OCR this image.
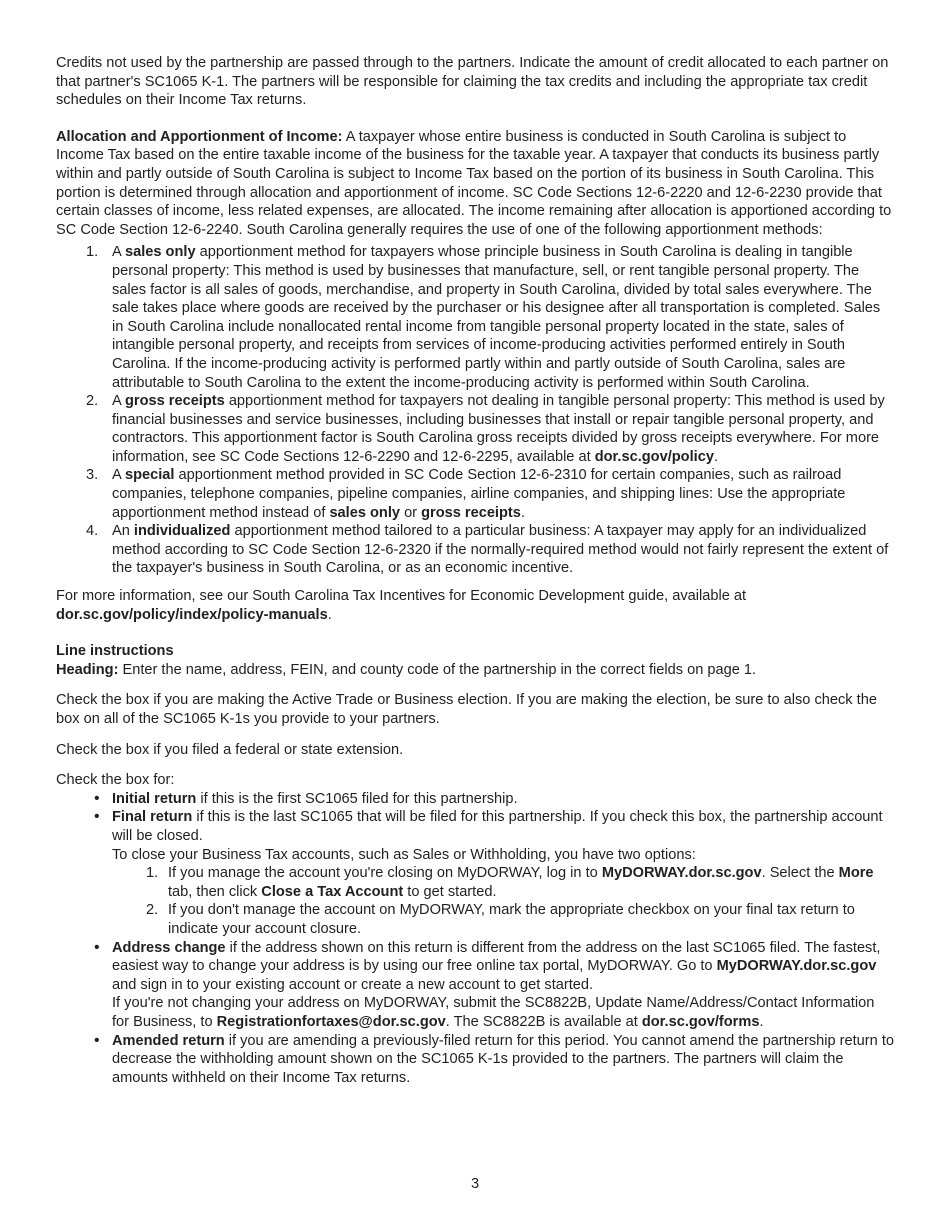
Credits not used by the partnership are passed through to the partners. Indicate the amount of credit allocated to each partner on that partner's SC1065 K-1. The partners will be responsible for claiming the tax credits and including the appropriate tax credit schedules on their Income Tax returns.

Allocation and Apportionment of Income: A taxpayer whose entire business is conducted in South Carolina is subject to Income Tax based on the entire taxable income of the business for the taxable year. A taxpayer that conducts its business partly within and partly outside of South Carolina is subject to Income Tax based on the portion of its business in South Carolina. This portion is determined through allocation and apportionment of income. SC Code Sections 12-6-2220 and 12-6-2230 provide that certain classes of income, less related expenses, are allocated. The income remaining after allocation is apportioned according to SC Code Section 12-6-2240. South Carolina generally requires the use of one of the following apportionment methods:

A sales only apportionment method for taxpayers whose principle business in South Carolina is dealing in tangible personal property: This method is used by businesses that manufacture, sell, or rent tangible personal property. The sales factor is all sales of goods, merchandise, and property in South Carolina, divided by total sales everywhere. The sale takes place where goods are received by the purchaser or his designee after all transportation is completed. Sales in South Carolina include nonallocated rental income from tangible personal property located in the state, sales of intangible personal property, and receipts from services of income-producing activities performed entirely in South Carolina. If the income-producing activity is performed partly within and partly outside of South Carolina, sales are attributable to South Carolina to the extent the income-producing activity is performed within South Carolina.
A gross receipts apportionment method for taxpayers not dealing in tangible personal property: This method is used by financial businesses and service businesses, including businesses that install or repair tangible personal property, and contractors. This apportionment factor is South Carolina gross receipts divided by gross receipts everywhere. For more information, see SC Code Sections 12-6-2290 and 12-6-2295, available at dor.sc.gov/policy.
A special apportionment method provided in SC Code Section 12-6-2310 for certain companies, such as railroad companies, telephone companies, pipeline companies, airline companies, and shipping lines: Use the appropriate apportionment method instead of sales only or gross receipts.
An individualized apportionment method tailored to a particular business: A taxpayer may apply for an individualized method according to SC Code Section 12-6-2320 if the normally-required method would not fairly represent the extent of the taxpayer's business in South Carolina, or as an economic incentive.

For more information, see our South Carolina Tax Incentives for Economic Development guide, available at dor.sc.gov/policy/index/policy-manuals.

Line instructions

Heading: Enter the name, address, FEIN, and county code of the partnership in the correct fields on page 1.

Check the box if you are making the Active Trade or Business election. If you are making the election, be sure to also check the box on all of the SC1065 K-1s you provide to your partners.

Check the box if you filed a federal or state extension.

Check the box for:

• Initial return if this is the first SC1065 filed for this partnership.
• Final return if this is the last SC1065 that will be filed for this partnership. If you check this box, the partnership account will be closed.

To close your Business Tax accounts, such as Sales or Withholding, you have two options:

If you manage the account you're closing on MyDORWAY, log in to MyDORWAY.dor.sc.gov. Select the More tab, then click Close a Tax Account to get started.
If you don't manage the account on MyDORWAY, mark the appropriate checkbox on your final tax return to indicate your account closure.
• Address change if the address shown on this return is different from the address on the last SC1065 filed. The fastest, easiest way to change your address is by using our free online tax portal, MyDORWAY. Go to MyDORWAY.dor.sc.gov and sign in to your existing account or create a new account to get started.

If you're not changing your address on MyDORWAY, submit the SC8822B, Update Name/Address/Contact Information for Business, to Registrationfortaxes@dor.sc.gov. The SC8822B is available at dor.sc.gov/forms.

• Amended return if you are amending a previously-filed return for this period. You cannot amend the partnership return to decrease the withholding amount shown on the SC1065 K-1s provided to the partners. The partners will claim the amounts withheld on their Income Tax returns.
3
